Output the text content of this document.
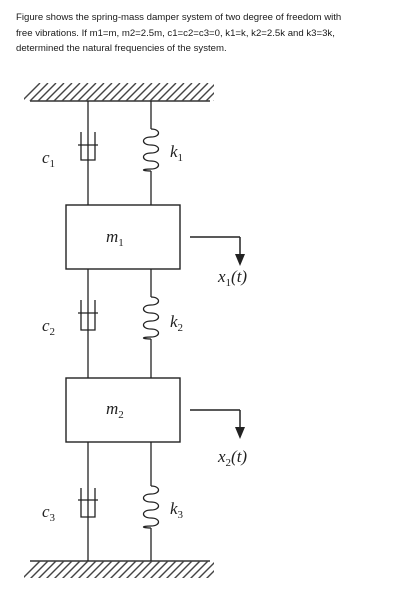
Figure shows the spring-mass damper system of two degree of freedom with
free vibrations. If m1=m, m2=2.5m, c1=c2=c3=0, k1=k, k2=2.5k and k3=3k,
determined the natural frequencies of the system.
$c_1$
$k_1$
$m_1$
$x_1(t)$
$c_2$
$k_2$
$m_2$
$x_2(t)$
$c_3$	$k_3$
